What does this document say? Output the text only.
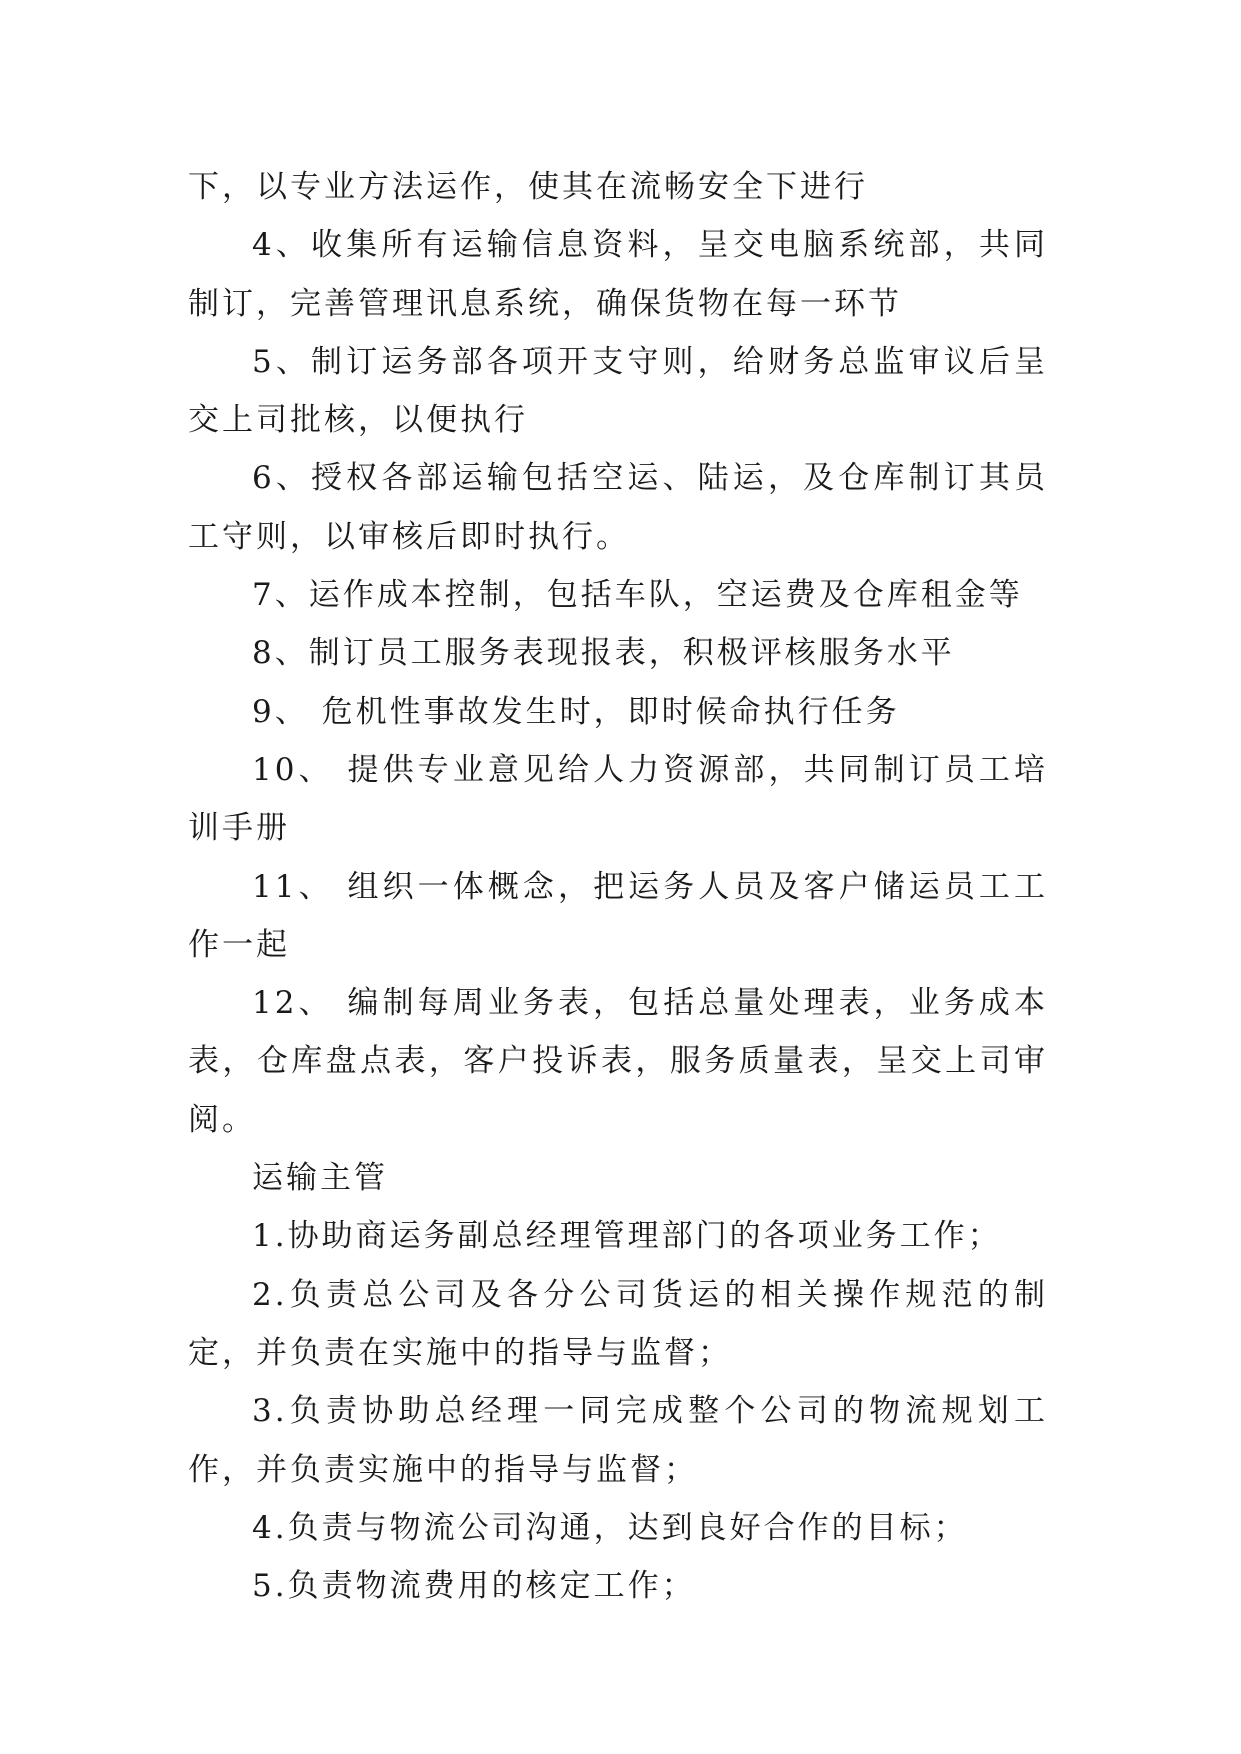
下，以专业方法运作，使其在流畅安全下进行

4、收集所有运输信息资料，呈交电脑系统部，共同制订，完善管理讯息系统，确保货物在每一环节

5、制订运务部各项开支守则，给财务总监审议后呈交上司批核，以便执行

6、授权各部运输包括空运、陆运，及仓库制订其员工守则，以审核后即时执行。

7、运作成本控制，包括车队，空运费及仓库租金等

8、制订员工服务表现报表，积极评核服务水平

9、 危机性事故发生时，即时候命执行任务

10、 提供专业意见给人力资源部，共同制订员工培训手册

11、 组织一体概念，把运务人员及客户储运员工工作一起

12、 编制每周业务表，包括总量处理表，业务成本表，仓库盘点表，客户投诉表，服务质量表，呈交上司审阅。

运输主管

1.协助商运务副总经理管理部门的各项业务工作；

2.负责总公司及各分公司货运的相关操作规范的制定，并负责在实施中的指导与监督；

3.负责协助总经理一同完成整个公司的物流规划工作，并负责实施中的指导与监督；

4.负责与物流公司沟通，达到良好合作的目标；

5.负责物流费用的核定工作；
